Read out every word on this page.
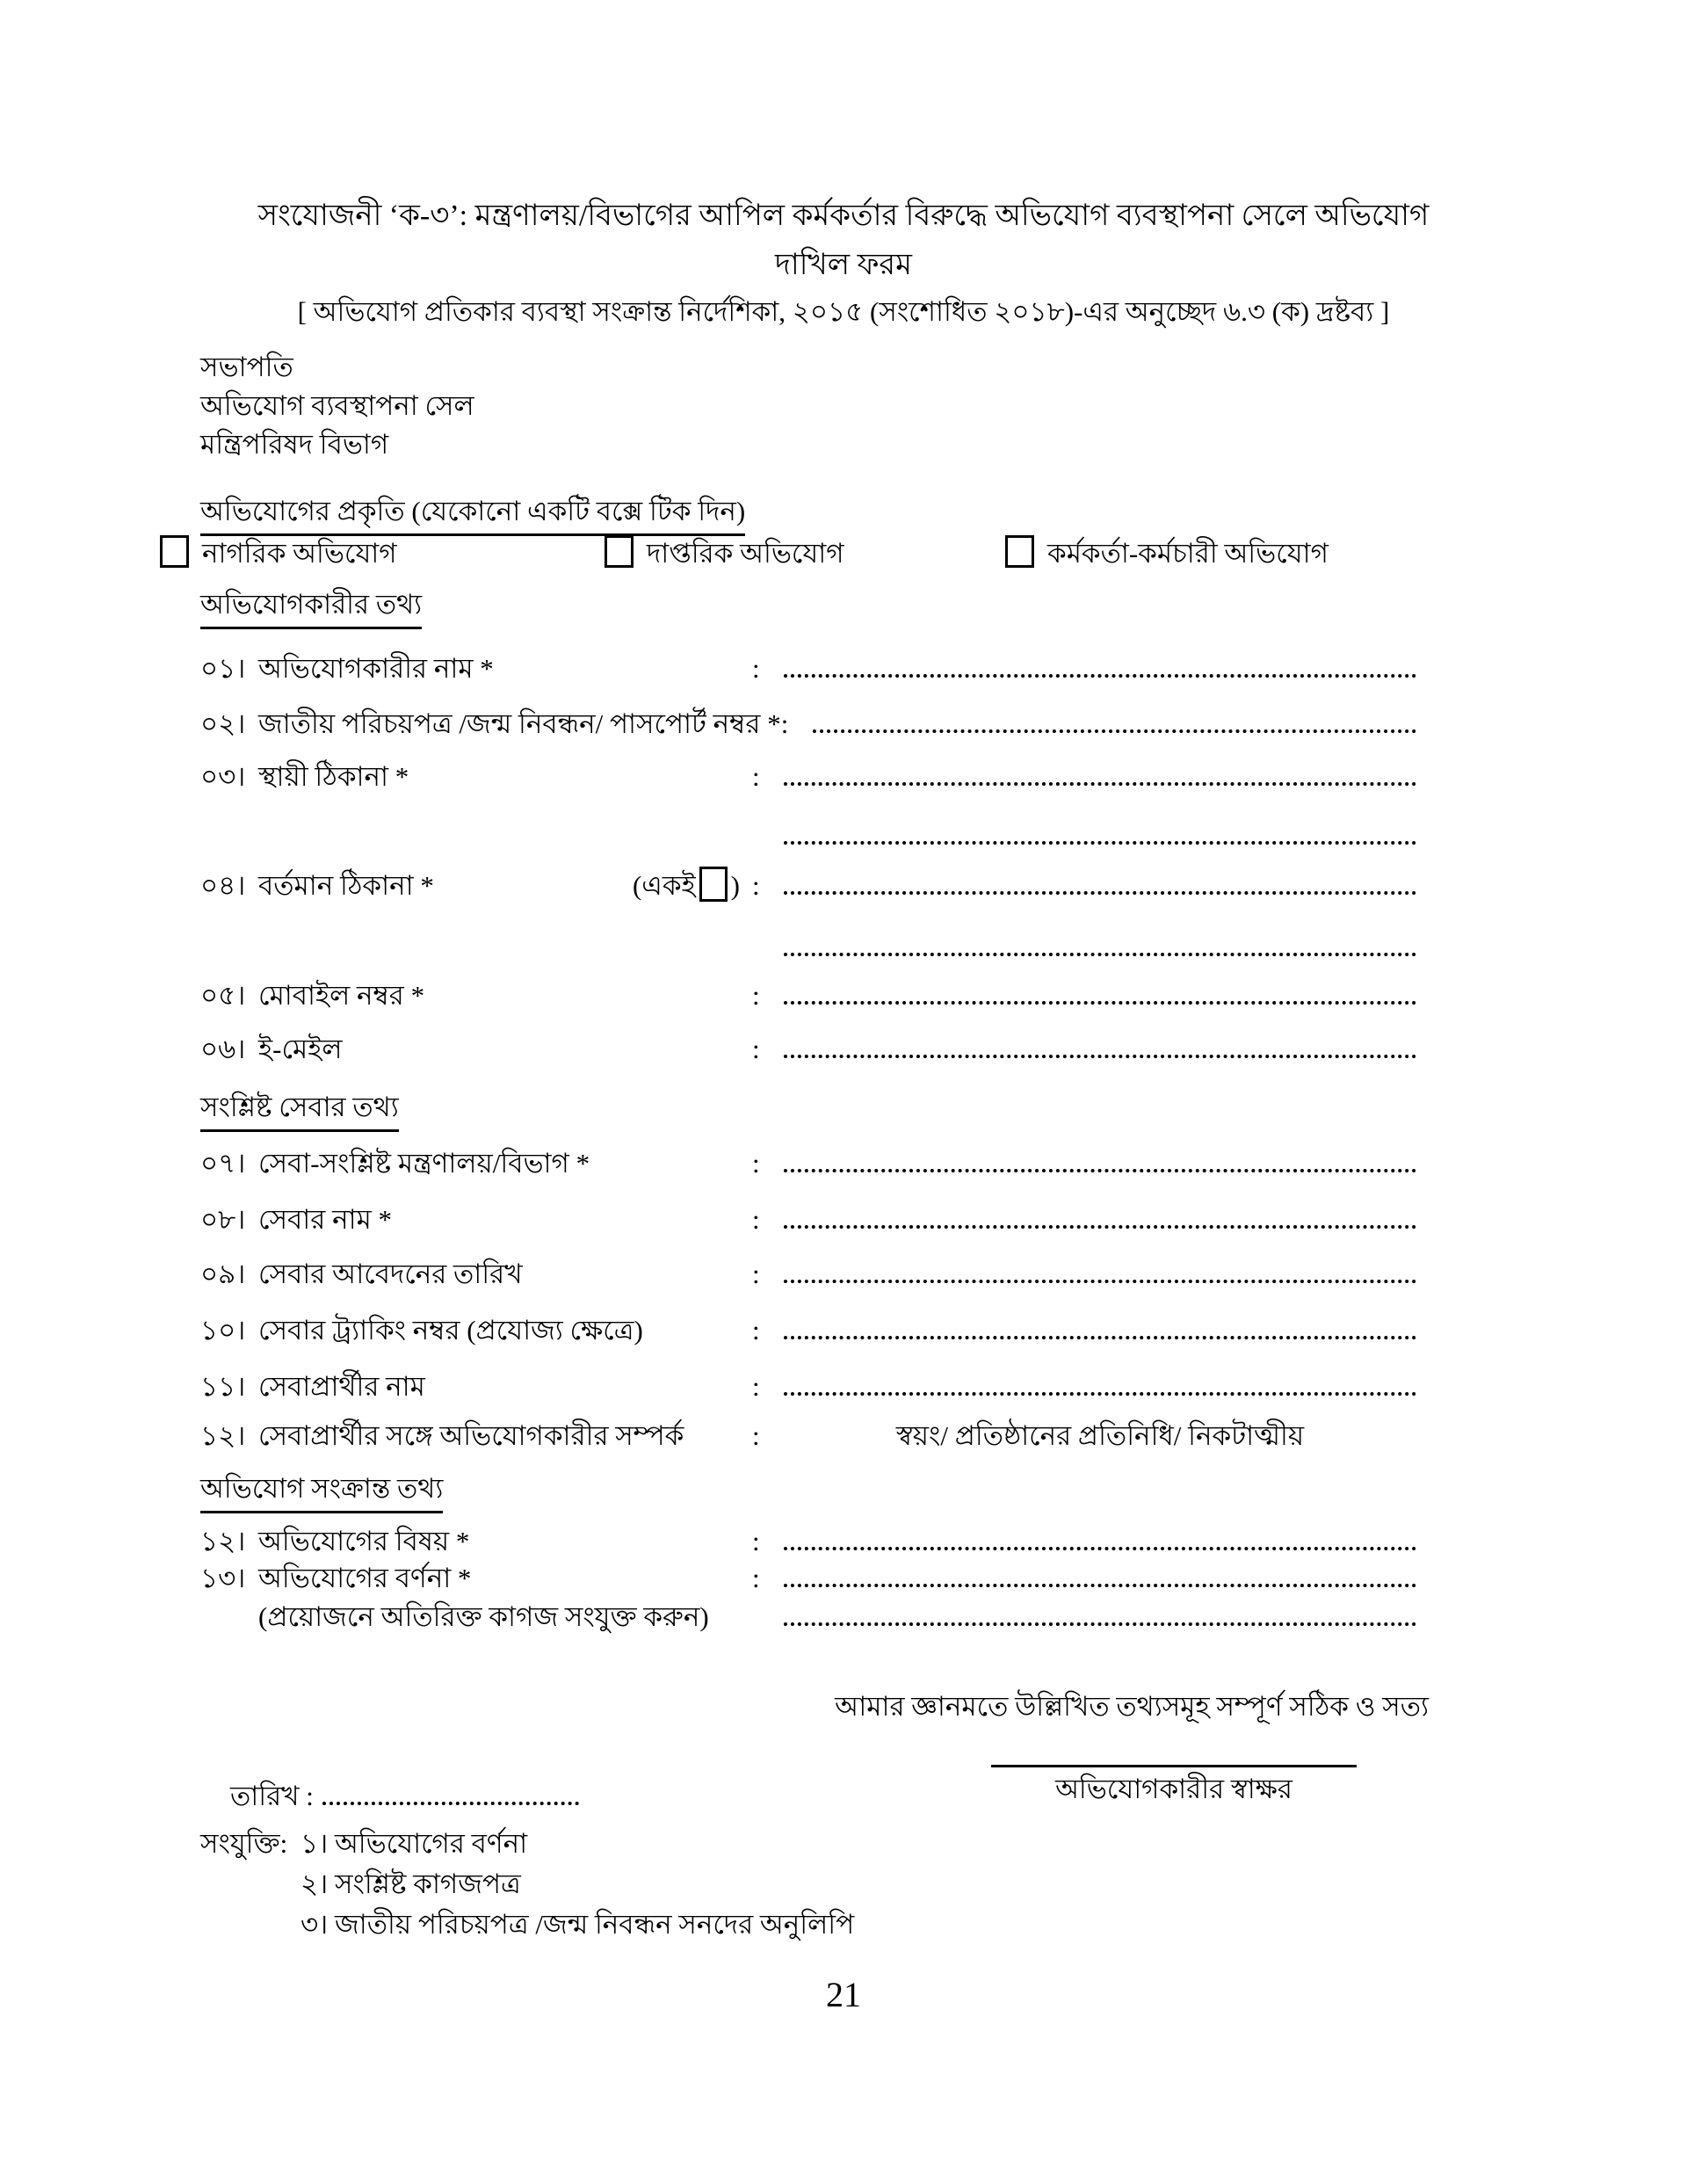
সংযোজনী ‘ক-৩’: মন্ত্রণালয়/বিভাগের আপিল কর্মকর্তার বিরুদ্ধে অভিযোগ ব্যবস্থাপনা সেলে অভিযোগ
দাখিল ফরম
[ অভিযোগ প্রতিকার ব্যবস্থা সংক্রান্ত নির্দেশিকা, ২০১৫ (সংশোধিত ২০১৮)-এর অনুচ্ছেদ ৬.৩ (ক) দ্রষ্টব্য ]
সভাপতি
অভিযোগ ব্যবস্থাপনা সেল
মন্ত্রিপরিষদ বিভাগ
অভিযোগের প্রকৃতি (যেকোনো একটি বক্সে টিক দিন)
নাগরিক অভিযোগ	দাপ্তরিক অভিযোগ	কর্মকর্তা-কর্মচারী অভিযোগ
অভিযোগকারীর তথ্য
০১। অভিযোগকারীর নাম *	:
০২। জাতীয় পরিচয়পত্র /জন্ম নিবন্ধন/ পাসপোর্ট নম্বর * :
০৩। স্থায়ী ঠিকানা *	:
০৪। বর্তমান ঠিকানা *	(একই ) :
০৫। মোবাইল নম্বর *	:
০৬। ই-মেইল	:
সংশ্লিষ্ট সেবার তথ্য
০৭। সেবা-সংশ্লিষ্ট মন্ত্রণালয়/বিভাগ *	:
০৮। সেবার নাম *	:
০৯। সেবার আবেদনের তারিখ	:
১০। সেবার ট্র্যাকিং নম্বর (প্রযোজ্য ক্ষেত্রে)	:
১১। সেবাপ্রার্থীর নাম	:
১২। সেবাপ্রার্থীর সঙ্গে অভিযোগকারীর সম্পর্ক	:	স্বয়ং/ প্রতিষ্ঠানের প্রতিনিধি/ নিকটাত্মীয়
অভিযোগ সংক্রান্ত তথ্য
১২। অভিযোগের বিষয় *	:
১৩। অভিযোগের বর্ণনা *	:
(প্রয়োজনে অতিরিক্ত কাগজ সংযুক্ত করুন)
আমার জ্ঞানমতে উল্লিখিত তথ্যসমূহ সম্পূর্ণ সঠিক ও সত্য
অভিযোগকারীর স্বাক্ষর
তারিখ :
সংযুক্তি: ১। অভিযোগের বর্ণনা
২। সংশ্লিষ্ট কাগজপত্র
৩। জাতীয় পরিচয়পত্র /জন্ম নিবন্ধন সনদের অনুলিপি
21
